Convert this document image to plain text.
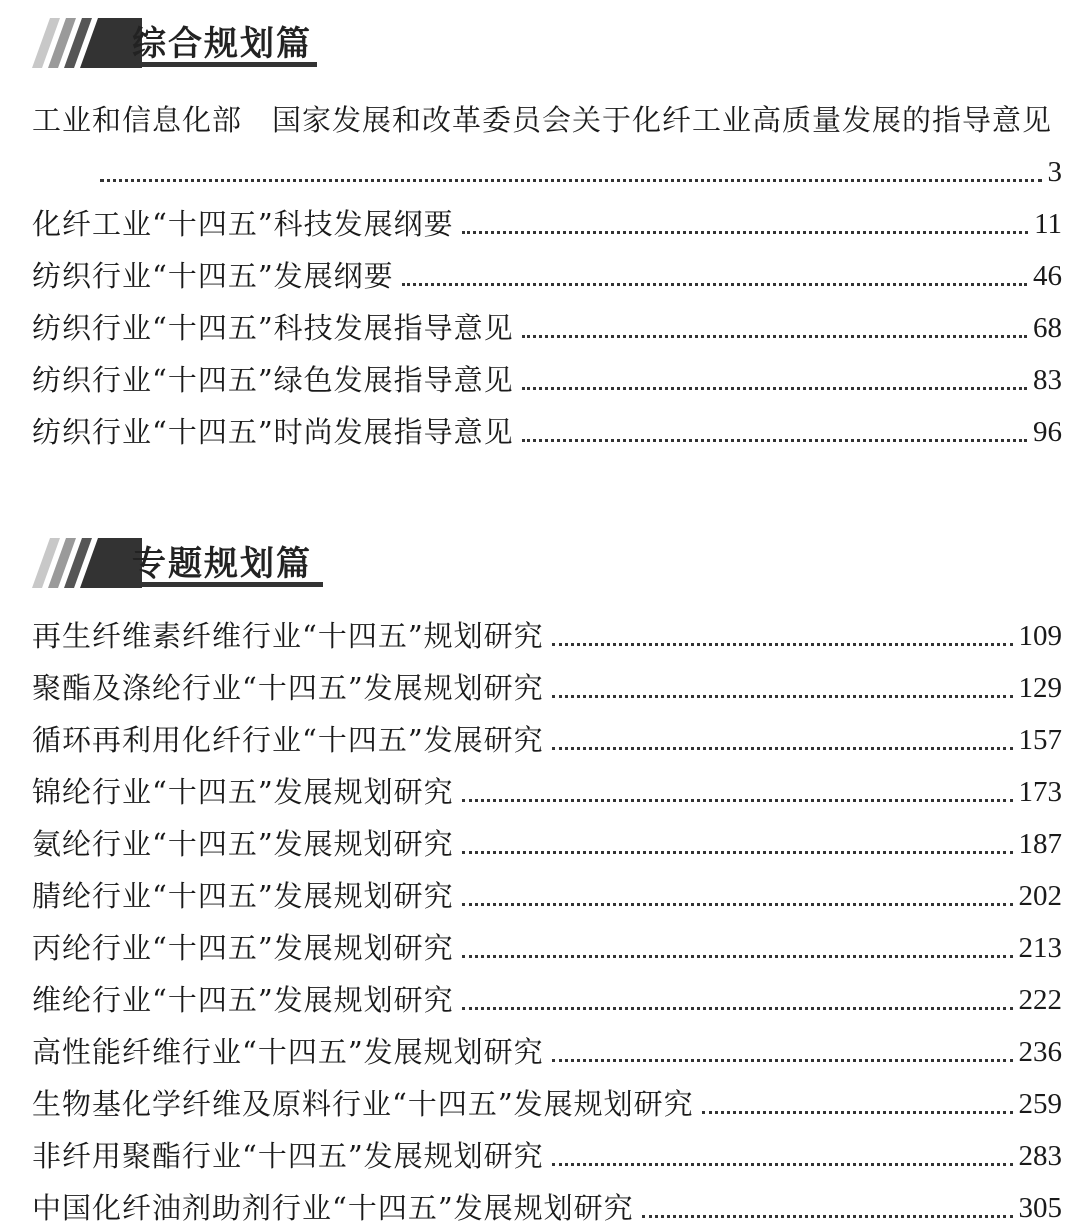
综合规划篇
工业和信息化部　国家发展和改革委员会关于化纤工业高质量发展的指导意见
3
化纤工业“十四五”科技发展纲要	11
纺织行业“十四五”发展纲要	46
纺织行业“十四五”科技发展指导意见	68
纺织行业“十四五”绿色发展指导意见	83
纺织行业“十四五”时尚发展指导意见	96
专题规划篇
再生纤维素纤维行业“十四五”规划研究	109
聚酯及涤纶行业“十四五”发展规划研究	129
循环再利用化纤行业“十四五”发展研究	157
锦纶行业“十四五”发展规划研究	173
氨纶行业“十四五”发展规划研究	187
腈纶行业“十四五”发展规划研究	202
丙纶行业“十四五”发展规划研究	213
维纶行业“十四五”发展规划研究	222
高性能纤维行业“十四五”发展规划研究	236
生物基化学纤维及原料行业“十四五”发展规划研究	259
非纤用聚酯行业“十四五”发展规划研究	283
中国化纤油剂助剂行业“十四五”发展规划研究	305
